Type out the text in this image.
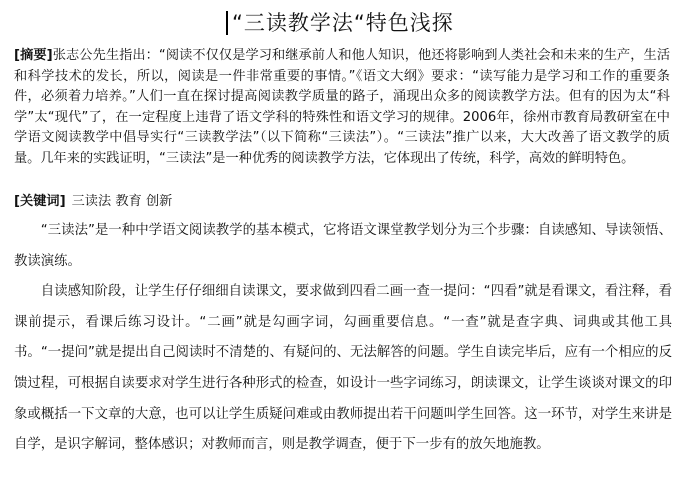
“三读教学法“特色浅探
[摘要]张志公先生指出：“阅读不仅仅是学习和继承前人和他人知识，他还将影响到人类社会和未来的生产，生活和科学技术的发长，所以，阅读是一件非常重要的事情。”《语文大纲》要求：“读写能力是学习和工作的重要条件，必须着力培养。”人们一直在探讨提高阅读教学质量的路子，涌现出众多的阅读教学方法。但有的因为太“科学”太“现代”了，在一定程度上违背了语文学科的特殊性和语文学习的规律。2006年，徐州市教育局教研室在中学语文阅读教学中倡导实行“三读教学法”（以下简称“三读法”）。“三读法”推广以来，大大改善了语文教学的质量。几年来的实践证明，“三读法”是一种优秀的阅读教学方法，它体现出了传统，科学，高效的鲜明特色。
[关键词] 三读法 教育 创新

“三读法”是一种中学语文阅读教学的基本模式，它将语文课堂教学划分为三个步骤：自读感知、导读领悟、教读演练。

自读感知阶段，让学生仔仔细细自读课文，要求做到四看二画一查一提问：“四看”就是看课文，看注释，看课前提示，看课后练习设计。“二画”就是勾画字词，勾画重要信息。“一查”就是查字典、词典或其他工具书。“一提问”就是提出自己阅读时不清楚的、有疑问的、无法解答的问题。学生自读完毕后，应有一个相应的反馈过程，可根据自读要求对学生进行各种形式的检查，如设计一些字词练习，朗读课文，让学生谈谈对课文的印象或概括一下文章的大意，也可以让学生质疑问难或由教师提出若干问题叫学生回答。这一环节，对学生来讲是自学，是识字解词，整体感识；对教师而言，则是教学调查，便于下一步有的放矢地施教。
